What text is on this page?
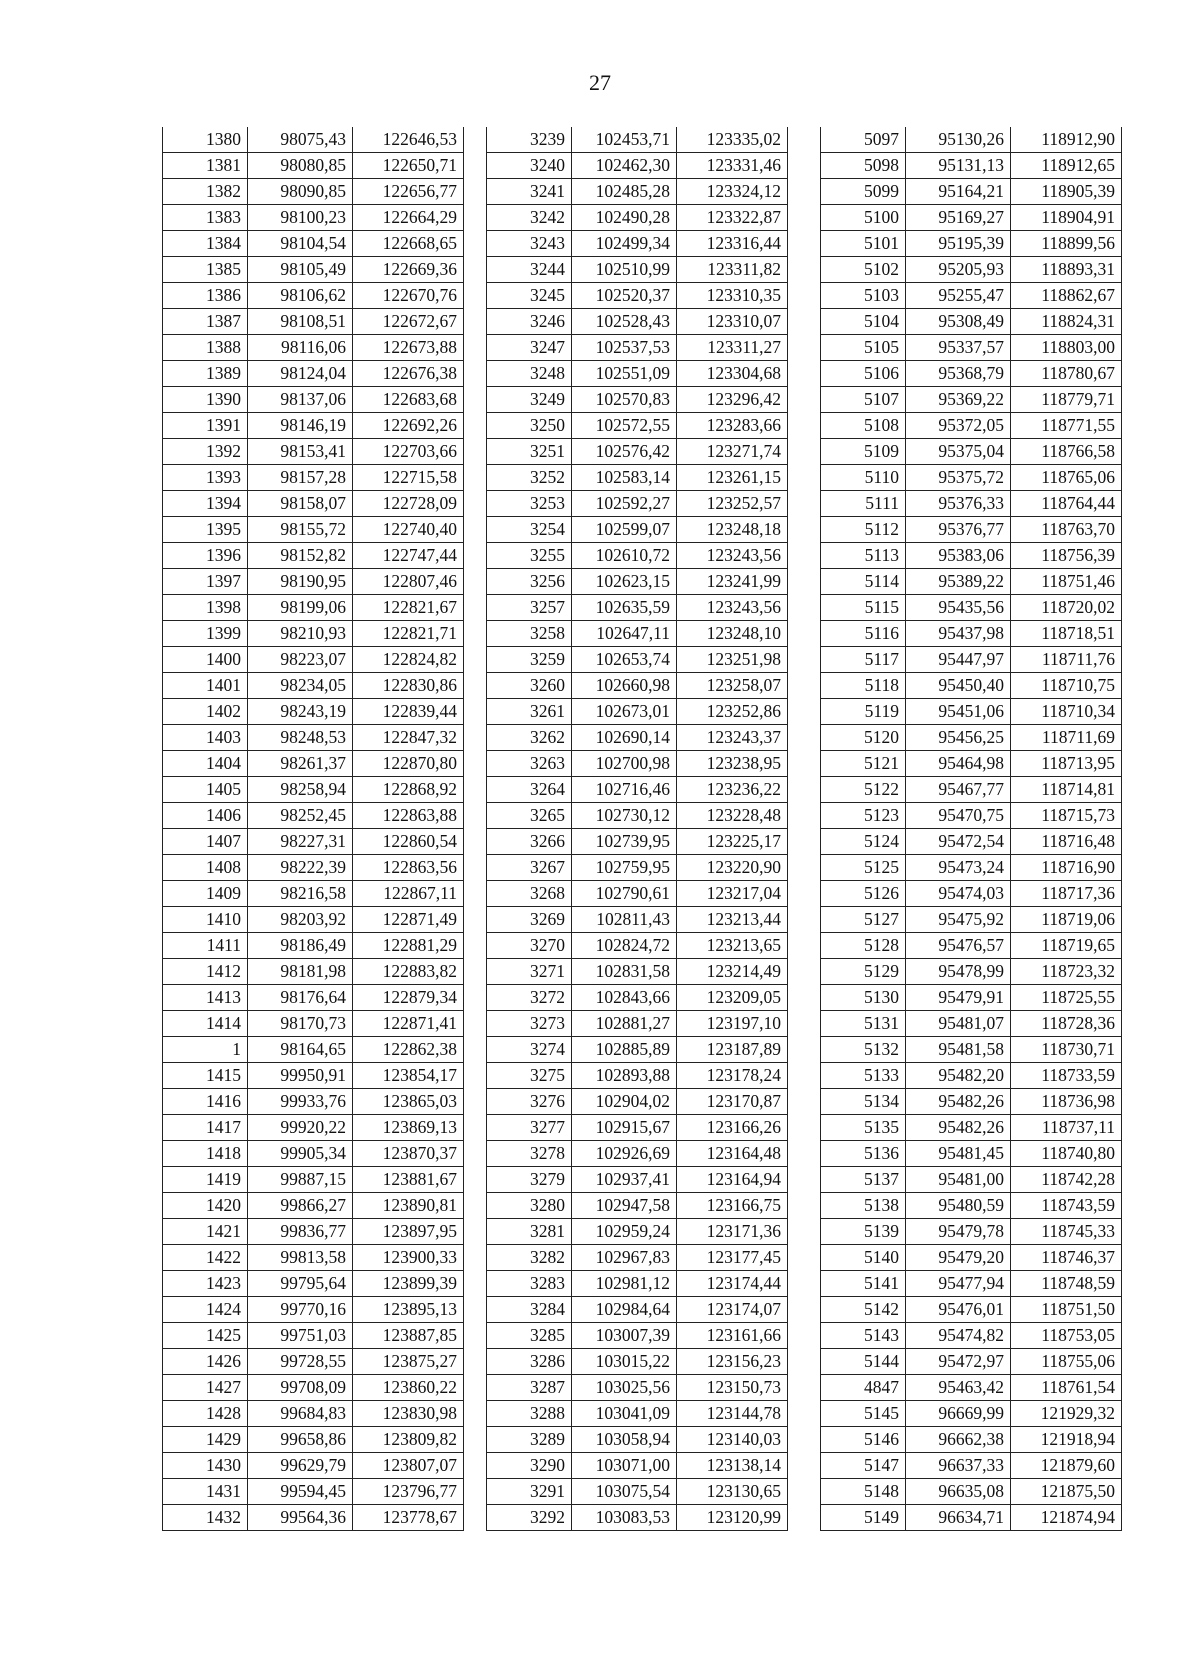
27
1380	98075,43	122646,53
1381	98080,85	122650,71
1382	98090,85	122656,77
1383	98100,23	122664,29
1384	98104,54	122668,65
1385	98105,49	122669,36
1386	98106,62	122670,76
1387	98108,51	122672,67
1388	98116,06	122673,88
1389	98124,04	122676,38
1390	98137,06	122683,68
1391	98146,19	122692,26
1392	98153,41	122703,66
1393	98157,28	122715,58
1394	98158,07	122728,09
1395	98155,72	122740,40
1396	98152,82	122747,44
1397	98190,95	122807,46
1398	98199,06	122821,67
1399	98210,93	122821,71
1400	98223,07	122824,82
1401	98234,05	122830,86
1402	98243,19	122839,44
1403	98248,53	122847,32
1404	98261,37	122870,80
1405	98258,94	122868,92
1406	98252,45	122863,88
1407	98227,31	122860,54
1408	98222,39	122863,56
1409	98216,58	122867,11
1410	98203,92	122871,49
1411	98186,49	122881,29
1412	98181,98	122883,82
1413	98176,64	122879,34
1414	98170,73	122871,41
1	98164,65	122862,38
1415	99950,91	123854,17
1416	99933,76	123865,03
1417	99920,22	123869,13
1418	99905,34	123870,37
1419	99887,15	123881,67
1420	99866,27	123890,81
1421	99836,77	123897,95
1422	99813,58	123900,33
1423	99795,64	123899,39
1424	99770,16	123895,13
1425	99751,03	123887,85
1426	99728,55	123875,27
1427	99708,09	123860,22
1428	99684,83	123830,98
1429	99658,86	123809,82
1430	99629,79	123807,07
1431	99594,45	123796,77
1432	99564,36	123778,67
3239	102453,71	123335,02
3240	102462,30	123331,46
3241	102485,28	123324,12
3242	102490,28	123322,87
3243	102499,34	123316,44
3244	102510,99	123311,82
3245	102520,37	123310,35
3246	102528,43	123310,07
3247	102537,53	123311,27
3248	102551,09	123304,68
3249	102570,83	123296,42
3250	102572,55	123283,66
3251	102576,42	123271,74
3252	102583,14	123261,15
3253	102592,27	123252,57
3254	102599,07	123248,18
3255	102610,72	123243,56
3256	102623,15	123241,99
3257	102635,59	123243,56
3258	102647,11	123248,10
3259	102653,74	123251,98
3260	102660,98	123258,07
3261	102673,01	123252,86
3262	102690,14	123243,37
3263	102700,98	123238,95
3264	102716,46	123236,22
3265	102730,12	123228,48
3266	102739,95	123225,17
3267	102759,95	123220,90
3268	102790,61	123217,04
3269	102811,43	123213,44
3270	102824,72	123213,65
3271	102831,58	123214,49
3272	102843,66	123209,05
3273	102881,27	123197,10
3274	102885,89	123187,89
3275	102893,88	123178,24
3276	102904,02	123170,87
3277	102915,67	123166,26
3278	102926,69	123164,48
3279	102937,41	123164,94
3280	102947,58	123166,75
3281	102959,24	123171,36
3282	102967,83	123177,45
3283	102981,12	123174,44
3284	102984,64	123174,07
3285	103007,39	123161,66
3286	103015,22	123156,23
3287	103025,56	123150,73
3288	103041,09	123144,78
3289	103058,94	123140,03
3290	103071,00	123138,14
3291	103075,54	123130,65
3292	103083,53	123120,99
5097	95130,26	118912,90
5098	95131,13	118912,65
5099	95164,21	118905,39
5100	95169,27	118904,91
5101	95195,39	118899,56
5102	95205,93	118893,31
5103	95255,47	118862,67
5104	95308,49	118824,31
5105	95337,57	118803,00
5106	95368,79	118780,67
5107	95369,22	118779,71
5108	95372,05	118771,55
5109	95375,04	118766,58
5110	95375,72	118765,06
5111	95376,33	118764,44
5112	95376,77	118763,70
5113	95383,06	118756,39
5114	95389,22	118751,46
5115	95435,56	118720,02
5116	95437,98	118718,51
5117	95447,97	118711,76
5118	95450,40	118710,75
5119	95451,06	118710,34
5120	95456,25	118711,69
5121	95464,98	118713,95
5122	95467,77	118714,81
5123	95470,75	118715,73
5124	95472,54	118716,48
5125	95473,24	118716,90
5126	95474,03	118717,36
5127	95475,92	118719,06
5128	95476,57	118719,65
5129	95478,99	118723,32
5130	95479,91	118725,55
5131	95481,07	118728,36
5132	95481,58	118730,71
5133	95482,20	118733,59
5134	95482,26	118736,98
5135	95482,26	118737,11
5136	95481,45	118740,80
5137	95481,00	118742,28
5138	95480,59	118743,59
5139	95479,78	118745,33
5140	95479,20	118746,37
5141	95477,94	118748,59
5142	95476,01	118751,50
5143	95474,82	118753,05
5144	95472,97	118755,06
4847	95463,42	118761,54
5145	96669,99	121929,32
5146	96662,38	121918,94
5147	96637,33	121879,60
5148	96635,08	121875,50
5149	96634,71	121874,94
